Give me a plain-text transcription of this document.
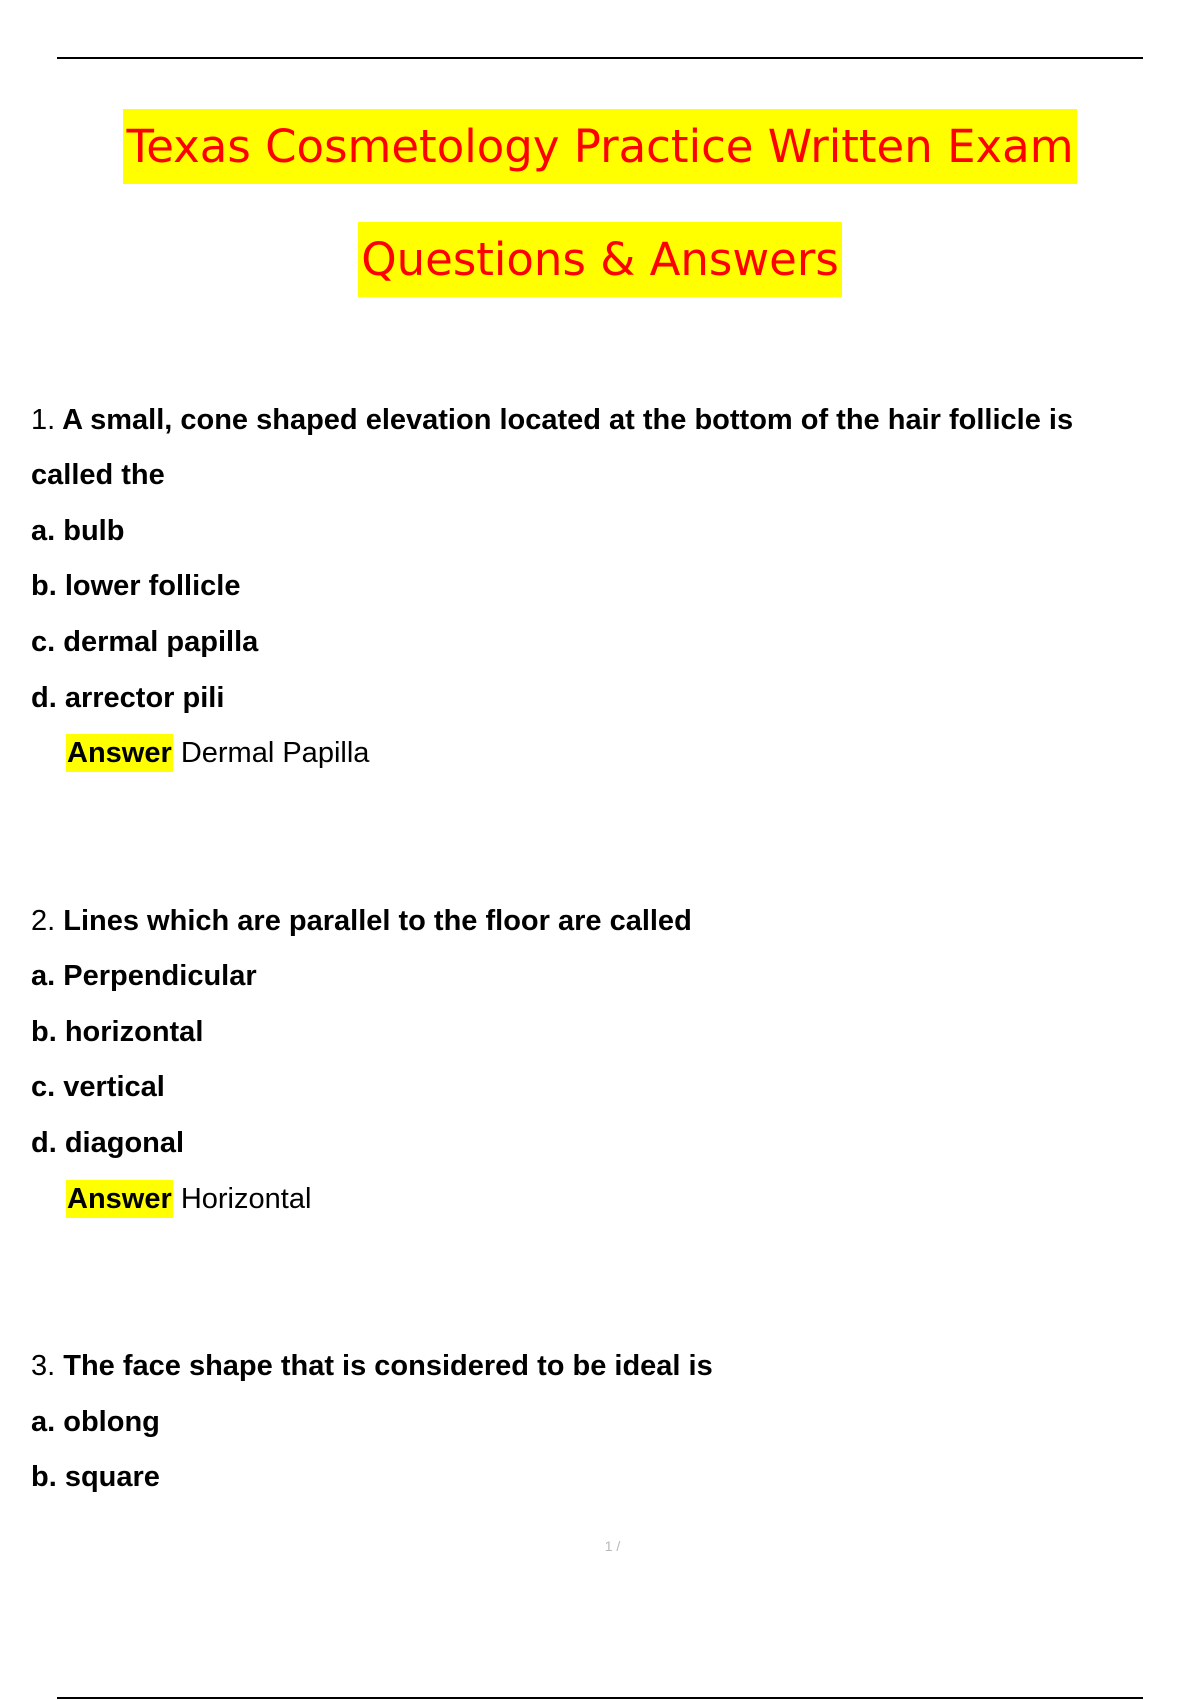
Texas Cosmetology Practice Written Exam
Questions & Answers
1. A small, cone shaped elevation located at the bottom of the hair follicle is
called the
a. bulb
b. lower follicle
c. dermal papilla
d. arrector pili
Answer Dermal Papilla
2. Lines which are parallel to the floor are called
a. Perpendicular
b. horizontal
c. vertical
d. diagonal
Answer Horizontal
3. The face shape that is considered to be ideal is
a. oblong
b. square
1 /
